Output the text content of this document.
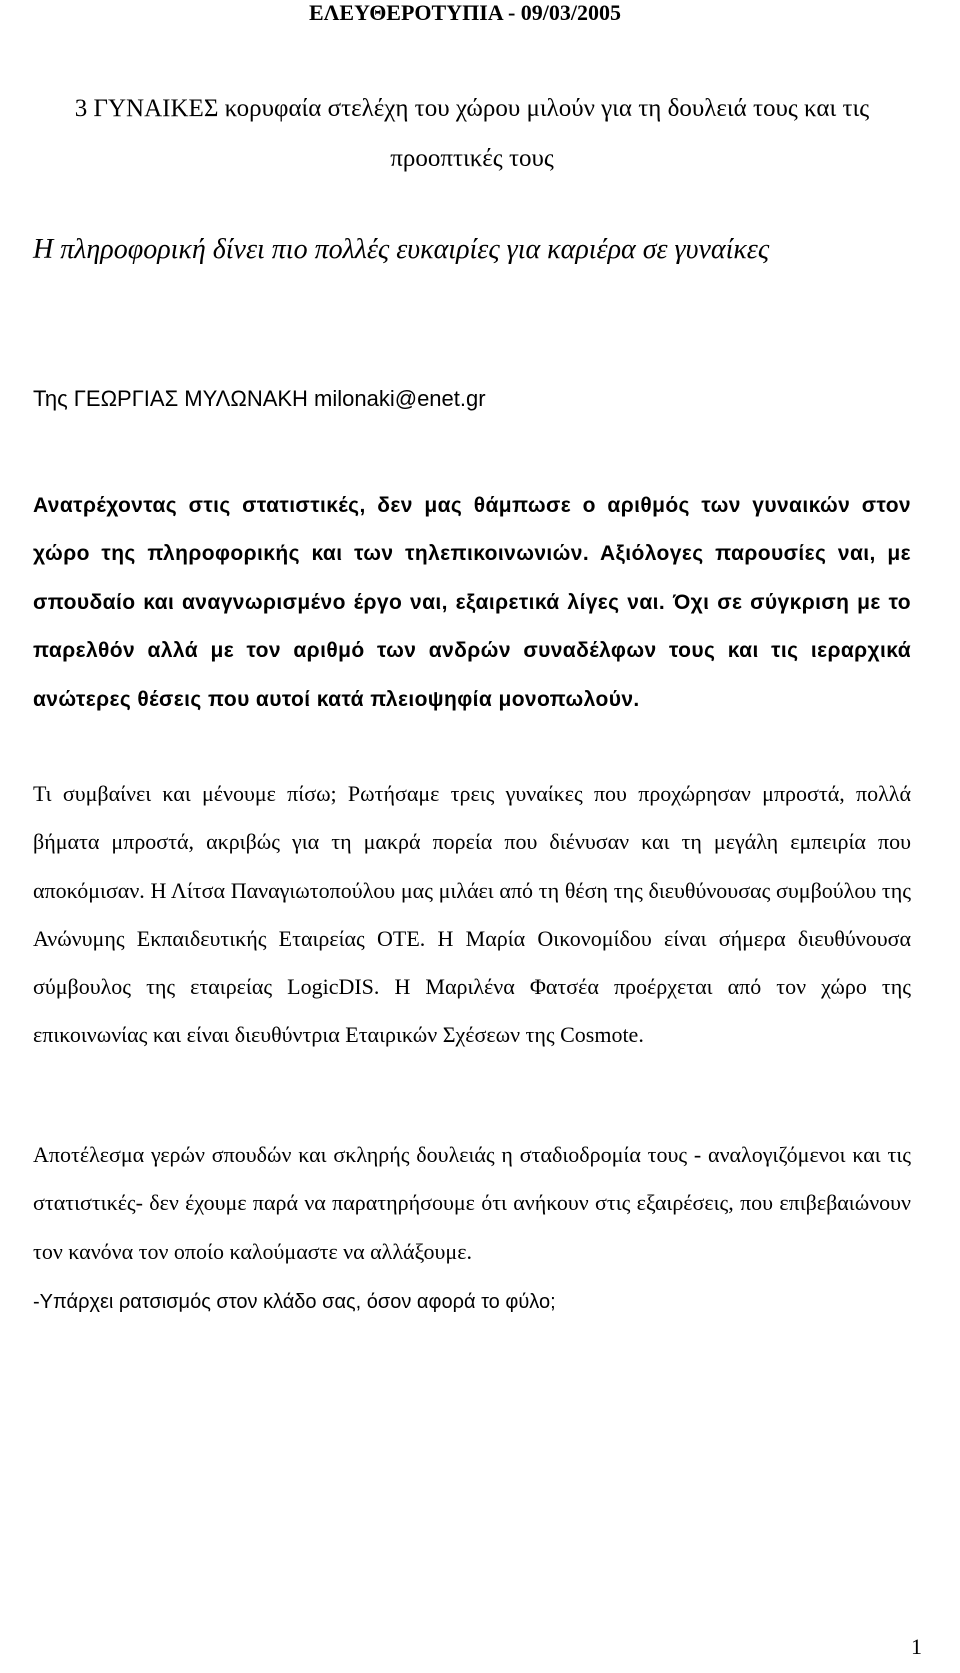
ΕΛΕΥΘΕΡΟΤΥΠΙΑ - 09/03/2005
3 ΓΥΝΑΙΚΕΣ κορυφαία στελέχη του χώρου μιλούν για τη δουλειά τους και τις προοπτικές τους
Η πληροφορική δίνει πιο πολλές ευκαιρίες για καριέρα σε γυναίκες
Της ΓΕΩΡΓΙΑΣ ΜΥΛΩΝΑΚΗ milonaki@enet.gr
Ανατρέχοντας στις στατιστικές, δεν μας θάμπωσε ο αριθμός των γυναικών στον χώρο της πληροφορικής και των τηλεπικοινωνιών. Αξιόλογες παρουσίες ναι, με σπουδαίο και αναγνωρισμένο έργο ναι, εξαιρετικά λίγες ναι. Όχι σε σύγκριση με το παρελθόν αλλά με τον αριθμό των ανδρών συναδέλφων τους και τις ιεραρχικά ανώτερες θέσεις που αυτοί κατά πλειοψηφία μονοπωλούν.
Τι συμβαίνει και μένουμε πίσω; Ρωτήσαμε τρεις γυναίκες που προχώρησαν μπροστά, πολλά βήματα μπροστά, ακριβώς για τη μακρά πορεία που διένυσαν και τη μεγάλη εμπειρία που αποκόμισαν. Η Λίτσα Παναγιωτοπούλου μας μιλάει από τη θέση της διευθύνουσας συμβούλου της Ανώνυμης Εκπαιδευτικής Εταιρείας ΟΤΕ. Η Μαρία Οικονομίδου είναι σήμερα διευθύνουσα σύμβουλος της εταιρείας LogicDIS. Η Μαριλένα Φατσέα προέρχεται από τον χώρο της επικοινωνίας και είναι διευθύντρια Εταιρικών Σχέσεων της Cosmote.
Αποτέλεσμα γερών σπουδών και σκληρής δουλειάς η σταδιοδρομία τους - αναλογιζόμενοι και τις στατιστικές- δεν έχουμε παρά να παρατηρήσουμε ότι ανήκουν στις εξαιρέσεις, που επιβεβαιώνουν τον κανόνα τον οποίο καλούμαστε να αλλάξουμε.
-Υπάρχει ρατσισμός στον κλάδο σας, όσον αφορά το φύλο;
1
